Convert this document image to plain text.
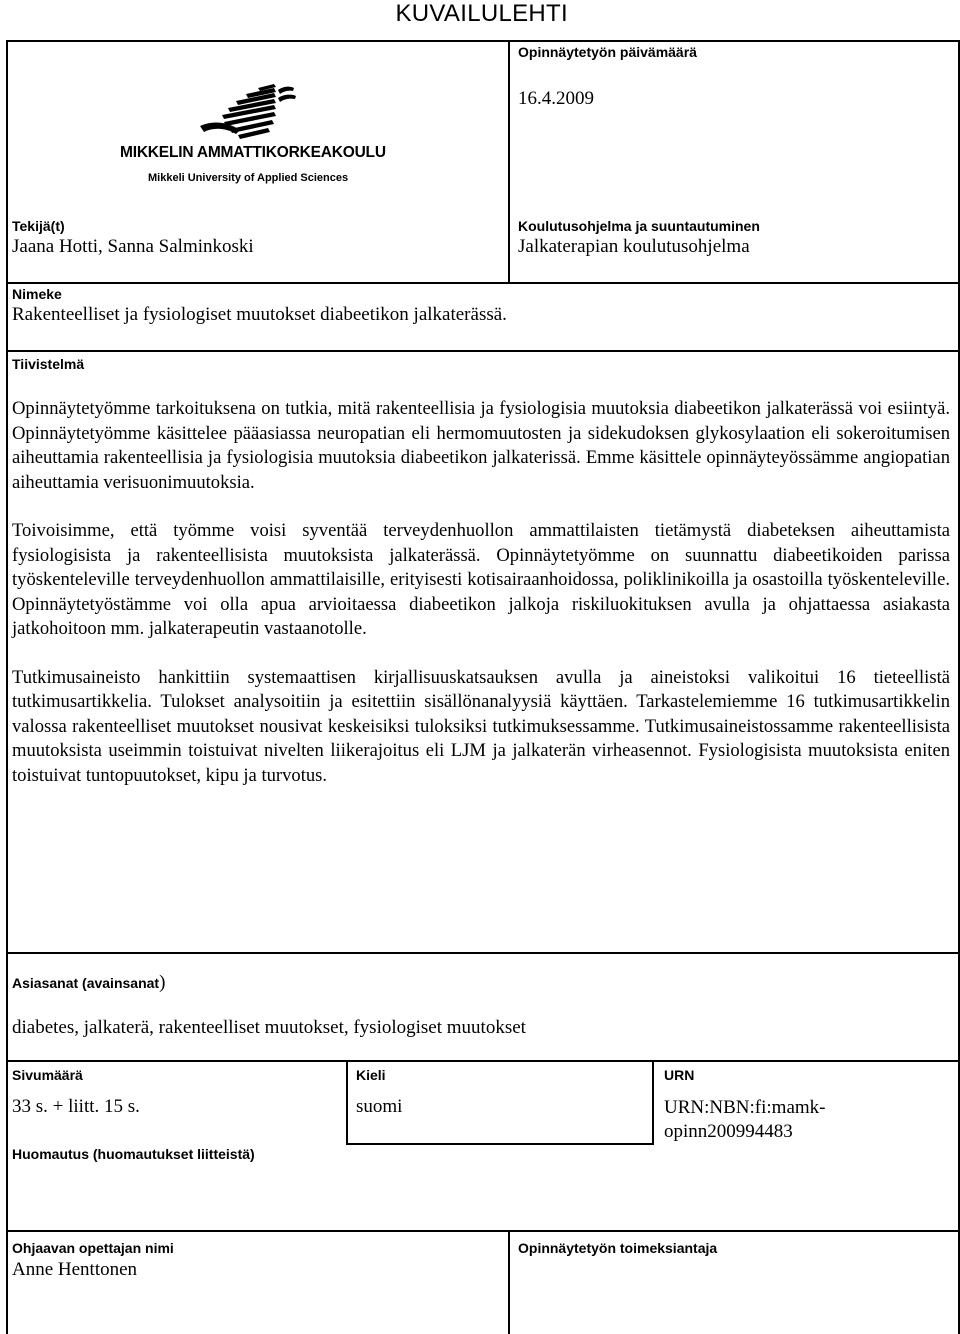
KUVAILULEHTI
MIKKELIN AMMATTIKORKEAKOULU
Mikkeli University of Applied Sciences
Opinnäytetyön päivämäärä
16.4.2009
Tekijä(t)
Jaana Hotti, Sanna Salminkoski
Koulutusohjelma ja suuntautuminen
Jalkaterapian koulutusohjelma
Nimeke
Rakenteelliset ja fysiologiset muutokset diabeetikon jalkaterässä.
Tiivistelmä

Opinnäytetyömme tarkoituksena on tutkia, mitä rakenteellisia ja fysiologisia muutoksia diabeetikon jalkaterässä voi esiintyä. Opinnäytetyömme käsittelee pääasiassa neuropatian eli hermomuutosten ja sidekudoksen glykosylaation eli sokeroitumisen aiheuttamia rakenteellisia ja fysiologisia muutoksia diabeetikon jalkaterissä. Emme käsittele opinnäyteyössämme angiopatian aiheuttamia verisuonimuutoksia.

Toivoisimme, että työmme voisi syventää terveydenhuollon ammattilaisten tietämystä diabeteksen aiheuttamista fysiologisista ja rakenteellisista muutoksista jalkaterässä. Opinnäytetyömme on suunnattu diabeetikoiden parissa työskenteleville terveydenhuollon ammattilaisille, erityisesti kotisairaanhoidossa, poliklinikoilla ja osastoilla työskenteleville. Opinnäytetyöstämme voi olla apua arvioitaessa diabeetikon jalkoja riskiluokituksen avulla ja ohjattaessa asiakasta jatkohoitoon mm. jalkaterapeutin vastaanotolle.

Tutkimusaineisto hankittiin systemaattisen kirjallisuuskatsauksen avulla ja aineistoksi valikoitui 16 tieteellistä tutkimusartikkelia. Tulokset analysoitiin ja esitettiin sisällönanalyysiä käyttäen. Tarkastelemiemme 16 tutkimusartikkelin valossa rakenteelliset muutokset nousivat keskeisiksi tuloksiksi tutkimuksessamme. Tutkimusaineistossamme rakenteellisista muutoksista useimmin toistuivat nivelten liikerajoitus eli LJM ja jalkaterän virheasennot. Fysiologisista muutoksista eniten toistuivat tuntopuutokset, kipu ja turvotus.

Asiasanat (avainsanat)
diabetes, jalkaterä, rakenteelliset muutokset, fysiologiset muutokset
Sivumäärä
33 s. + liitt. 15 s.
Kieli
suomi
URN
URN:NBN:fi:mamk-
opinn200994483
Huomautus (huomautukset liitteistä)
Ohjaavan opettajan nimi
Anne Henttonen
Opinnäytetyön toimeksiantaja
